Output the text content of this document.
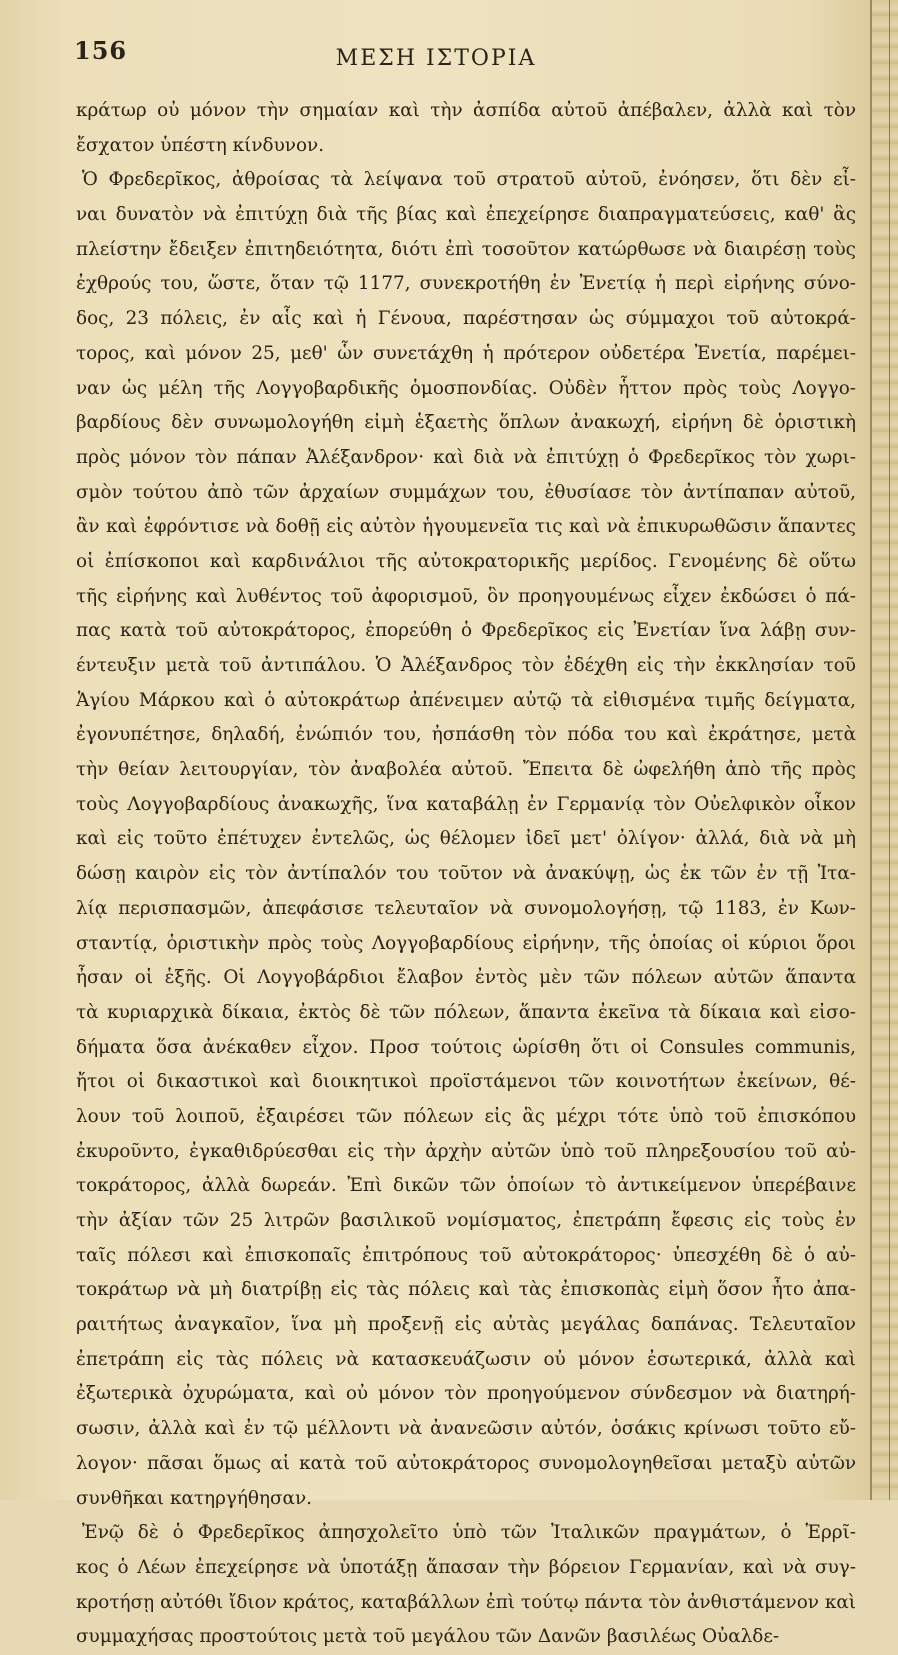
156	ΜΕΣΗ ΙΣΤΟΡΙΑ
κράτωρ οὐ μόνον τὴν σημαίαν καὶ τὴν ἀσπίδα αὐτοῦ ἀπέβαλεν, ἀλλὰ καὶ τὸν
ἔσχατον ὑπέστη κίνδυνον.
Ὁ Φρεδερῖκος, ἀθροίσας τὰ λείψανα τοῦ στρατοῦ αὐτοῦ, ἐνόησεν, ὅτι δὲν εἶ-
ναι δυνατὸν νὰ ἐπιτύχῃ διὰ τῆς βίας καὶ ἐπεχείρησε διαπραγματεύσεις, καθ' ἃς
πλείστην ἔδειξεν ἐπιτηδειότητα, διότι ἐπὶ τοσοῦτον κατώρθωσε νὰ διαιρέσῃ τοὺς
ἐχθρούς του, ὥστε, ὅταν τῷ 1177, συνεκροτήθη ἐν Ἐνετίᾳ ἡ περὶ εἰρήνης σύνο-
δος, 23 πόλεις, ἐν αἷς καὶ ἡ Γένουα, παρέστησαν ὡς σύμμαχοι τοῦ αὐτοκρά-
τορος, καὶ μόνον 25, μεθ' ὧν συνετάχθη ἡ πρότερον οὐδετέρα Ἐνετία, παρέμει-
ναν ὡς μέλη τῆς Λογγοβαρδικῆς ὁμοσπονδίας. Οὐδὲν ἧττον πρὸς τοὺς Λογγο-
βαρδίους δὲν συνωμολογήθη εἰμὴ ἑξαετὴς ὅπλων ἀνακωχή, εἰρήνη δὲ ὁριστικὴ
πρὸς μόνον τὸν πάπαν Ἀλέξανδρον· καὶ διὰ νὰ ἐπιτύχῃ ὁ Φρεδερῖκος τὸν χωρι-
σμὸν τούτου ἀπὸ τῶν ἀρχαίων συμμάχων του, ἐθυσίασε τὸν ἀντίπαπαν αὐτοῦ,
ἂν καὶ ἐφρόντισε νὰ δοθῇ εἰς αὐτὸν ἡγουμενεῖα τις καὶ νὰ ἐπικυρωθῶσιν ἅπαντες
οἱ ἐπίσκοποι καὶ καρδινάλιοι τῆς αὐτοκρατορικῆς μερίδος. Γενομένης δὲ οὕτω
τῆς εἰρήνης καὶ λυθέντος τοῦ ἀφορισμοῦ, ὃν προηγουμένως εἶχεν ἐκδώσει ὁ πά-
πας κατὰ τοῦ αὐτοκράτορος, ἐπορεύθη ὁ Φρεδερῖκος εἰς Ἐνετίαν ἵνα λάβῃ συν-
έντευξιν μετὰ τοῦ ἀντιπάλου. Ὁ Ἀλέξανδρος τὸν ἐδέχθη εἰς τὴν ἐκκλησίαν τοῦ
Ἁγίου Μάρκου καὶ ὁ αὐτοκράτωρ ἀπένειμεν αὐτῷ τὰ εἰθισμένα τιμῆς δείγματα,
ἐγονυπέτησε, δηλαδή, ἐνώπιόν του, ἠσπάσθη τὸν πόδα του καὶ ἐκράτησε, μετὰ
τὴν θείαν λειτουργίαν, τὸν ἀναβολέα αὐτοῦ. Ἔπειτα δὲ ὠφελήθη ἀπὸ τῆς πρὸς
τοὺς Λογγοβαρδίους ἀνακωχῆς, ἵνα καταβάλῃ ἐν Γερμανίᾳ τὸν Οὐελφικὸν οἶκον
καὶ εἰς τοῦτο ἐπέτυχεν ἐντελῶς, ὡς θέλομεν ἰδεῖ μετ' ὀλίγον· ἀλλά, διὰ νὰ μὴ
δώσῃ καιρὸν εἰς τὸν ἀντίπαλόν του τοῦτον νὰ ἀνακύψῃ, ὡς ἐκ τῶν ἐν τῇ Ἰτα-
λίᾳ περισπασμῶν, ἀπεφάσισε τελευταῖον νὰ συνομολογήσῃ, τῷ 1183, ἐν Κων-
σταντίᾳ, ὁριστικὴν πρὸς τοὺς Λογγοβαρδίους εἰρήνην, τῆς ὁποίας οἱ κύριοι ὅροι
ἦσαν οἱ ἑξῆς. Οἱ Λογγοβάρδιοι ἔλαβον ἐντὸς μὲν τῶν πόλεων αὐτῶν ἅπαντα
τὰ κυριαρχικὰ δίκαια, ἐκτὸς δὲ τῶν πόλεων, ἅπαντα ἐκεῖνα τὰ δίκαια καὶ εἰσο-
δήματα ὅσα ἀνέκαθεν εἶχον. Προσ τούτοις ὡρίσθη ὅτι οἱ Consules communis,
ἤτοι οἱ δικαστικοὶ καὶ διοικητικοὶ προϊστάμενοι τῶν κοινοτήτων ἐκείνων, θέ-
λουν τοῦ λοιποῦ, ἐξαιρέσει τῶν πόλεων εἰς ἃς μέχρι τότε ὑπὸ τοῦ ἐπισκόπου
ἐκυροῦντο, ἐγκαθιδρύεσθαι εἰς τὴν ἀρχὴν αὐτῶν ὑπὸ τοῦ πληρεξουσίου τοῦ αὐ-
τοκράτορος, ἀλλὰ δωρεάν. Ἐπὶ δικῶν τῶν ὁποίων τὸ ἀντικείμενον ὑπερέβαινε
τὴν ἀξίαν τῶν 25 λιτρῶν βασιλικοῦ νομίσματος, ἐπετράπη ἔφεσις εἰς τοὺς ἐν
ταῖς πόλεσι καὶ ἐπισκοπαῖς ἐπιτρόπους τοῦ αὐτοκράτορος· ὑπεσχέθη δὲ ὁ αὐ-
τοκράτωρ νὰ μὴ διατρίβῃ εἰς τὰς πόλεις καὶ τὰς ἐπισκοπὰς εἰμὴ ὅσον ἦτο ἀπα-
ραιτήτως ἀναγκαῖον, ἵνα μὴ προξενῇ εἰς αὐτὰς μεγάλας δαπάνας. Τελευταῖον
ἐπετράπη εἰς τὰς πόλεις νὰ κατασκευάζωσιν οὐ μόνον ἐσωτερικά, ἀλλὰ καὶ
ἐξωτερικὰ ὀχυρώματα, καὶ οὐ μόνον τὸν προηγούμενον σύνδεσμον νὰ διατηρή-
σωσιν, ἀλλὰ καὶ ἐν τῷ μέλλοντι νὰ ἀνανεῶσιν αὐτόν, ὁσάκις κρίνωσι τοῦτο εὔ-
λογον· πᾶσαι ὅμως αἱ κατὰ τοῦ αὐτοκράτορος συνομολογηθεῖσαι μεταξὺ αὐτῶν
συνθῆκαι κατηργήθησαν.
Ἐνῷ δὲ ὁ Φρεδερῖκος ἀπησχολεῖτο ὑπὸ τῶν Ἰταλικῶν πραγμάτων, ὁ Ἑρρῖ-
κος ὁ Λέων ἐπεχείρησε νὰ ὑποτάξῃ ἅπασαν τὴν βόρειον Γερμανίαν, καὶ νὰ συγ-
κροτήσῃ αὐτόθι ἴδιον κράτος, καταβάλλων ἐπὶ τούτῳ πάντα τὸν ἀνθιστάμενον καὶ
συμμαχήσας προστούτοις μετὰ τοῦ μεγάλου τῶν Δανῶν βασιλέως Οὐαλδε-
